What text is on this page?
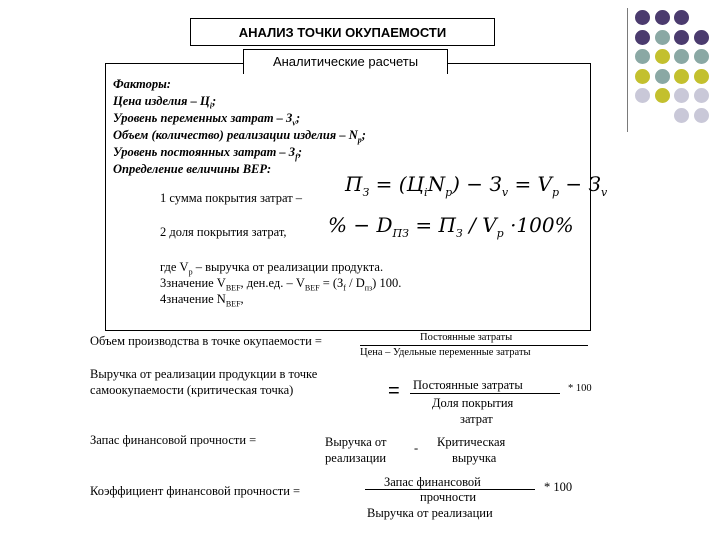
АНАЛИЗ ТОЧКИ ОКУПАЕМОСТИ
Аналитические расчеты
Факторы:
Цена изделия – $Ц_i$;
Уровень переменных затрат – $З_v$;
Объем (количество) реализации изделия – $N_p$;
Уровень постоянных затрат – $З_f$;
Определение величины BEP:
1 сумма покрытия затрат –
$П_З = (Ц_iN_p) - З_v = V_p - З_v$
2 доля покрытия затрат, % − $D_{ПЗ} = П_З / V_p \cdot 100\%$
где $V_p$ – выручка от реализации продукта.
3значение $V_{BEF}$, ден.ед. – $V_{BEF} = (З_f / D_{пз})$ 100.
4значение $N_{BEF}$,
Объем производства в точке окупаемости =	Постоянные затраты
Цена – Удельные переменные затраты
Выручка от реализации продукции в точке
самоокупаемости (критическая точка)	= Постоянные затраты
Доля покрытия
затрат
* 100
Запас финансовой прочности =	Выручка от
реализации
- Критическая
выручка
Коэффициент финансовой прочности =
Запас финансовой
прочности
Выручка от реализации
* 100
